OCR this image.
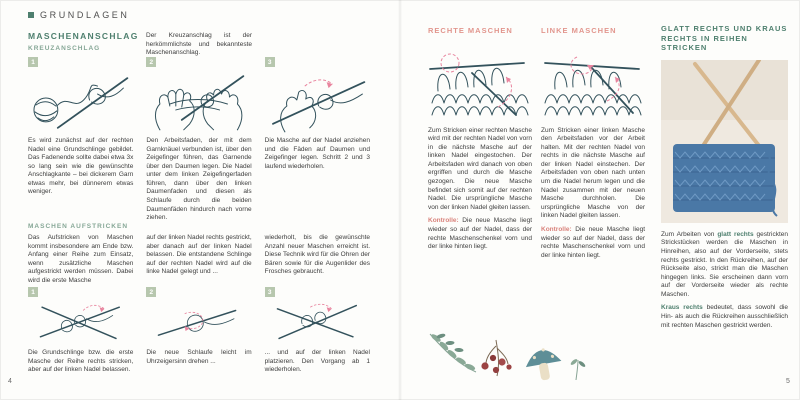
GRUNDLAGEN
MASCHENANSCHLAG
KREUZANSCHLAG
Der Kreuzanschlag ist der herkömmlichste und bekannteste Maschenanschlag.
1

Es wird zunächst auf der rechten Nadel eine Grundschlinge gebildet. Das Fadenende sollte dabei etwa 3x so lang sein wie die gewünschte Anschlagkante – bei dickerem Garn etwas mehr, bei dünnerem etwas weniger.

2

Den Arbeitsfaden, der mit dem Garnknäuel verbunden ist, über den Zeigefinger führen, das Garnende über den Daumen legen. Die Nadel unter dem linken Zeigefingerfaden führen, dann über den linken Daumenfaden und diesen als Schlaufe durch die beiden Daumenfäden hindurch nach vorne ziehen.

3

Die Masche auf der Nadel anziehen und die Fäden auf Daumen und Zeigefinger legen. Schritt 2 und 3 laufend wiederholen.

MASCHEN AUFSTRICKEN

Das Aufstricken von Maschen kommt insbesondere am Ende bzw. Anfang einer Reihe zum Einsatz, wenn zusätzliche Maschen aufgestrickt werden müssen. Dabei wird die erste Masche

auf der linken Nadel rechts gestrickt, aber danach auf der linken Nadel belassen. Die entstandene Schlinge auf der rechten Nadel wird auf die linke Nadel gelegt und ...

wiederholt, bis die gewünschte Anzahl neuer Maschen erreicht ist. Diese Technik wird für die Ohren der Bären sowie für die Augenlider des Frosches gebraucht.

1

Die Grundschlinge bzw. die erste Masche der Reihe rechts stricken, aber auf der linken Nadel belassen.

2

Die neue Schlaufe leicht im Uhrzeigersinn drehen ...

3

... und auf der linken Nadel platzieren. Den Vorgang ab 1 wiederholen.

4
RECHTE MASCHEN

Zum Stricken einer rechten Masche wird mit der rechten Nadel von vorn in die nächste Masche auf der linken Nadel eingestochen. Der Arbeitsfaden wird danach von oben ergriffen und durch die Masche gezogen. Die neue Masche befindet sich somit auf der rechten Nadel. Die ursprüngliche Masche von der linken Nadel gleiten lassen.

Kontrolle: Die neue Masche liegt wieder so auf der Nadel, dass der rechte Maschenschenkel vorn und der linke hinten liegt.

LINKE MASCHEN

Zum Stricken einer linken Masche den Arbeitsfaden vor der Arbeit halten. Mit der rechten Nadel von rechts in die nächste Masche auf der linken Nadel einstechen. Der Arbeitsfaden von oben nach unten um die Nadel herum legen und die Nadel zusammen mit der neuen Masche durchholen. Die ursprüngliche Masche von der linken Nadel gleiten lassen.

Kontrolle: Die neue Masche liegt wieder so auf der Nadel, dass der rechte Maschenschenkel vorn und der linke hinten liegt.

GLATT RECHTS UND KRAUS RECHTS IN REIHEN STRICKEN

Zum Arbeiten von glatt rechts gestrickten Strickstücken werden die Maschen in Hinreihen, also auf der Vorderseite, stets rechts gestrickt. In den Rückreihen, auf der Rückseite also, strickt man die Maschen hingegen links. Sie erscheinen dann vorn auf der Vorderseite wieder als rechte Maschen.

Kraus rechts bedeutet, dass sowohl die Hin- als auch die Rückreihen ausschließlich mit rechten Maschen gestrickt werden.

5
